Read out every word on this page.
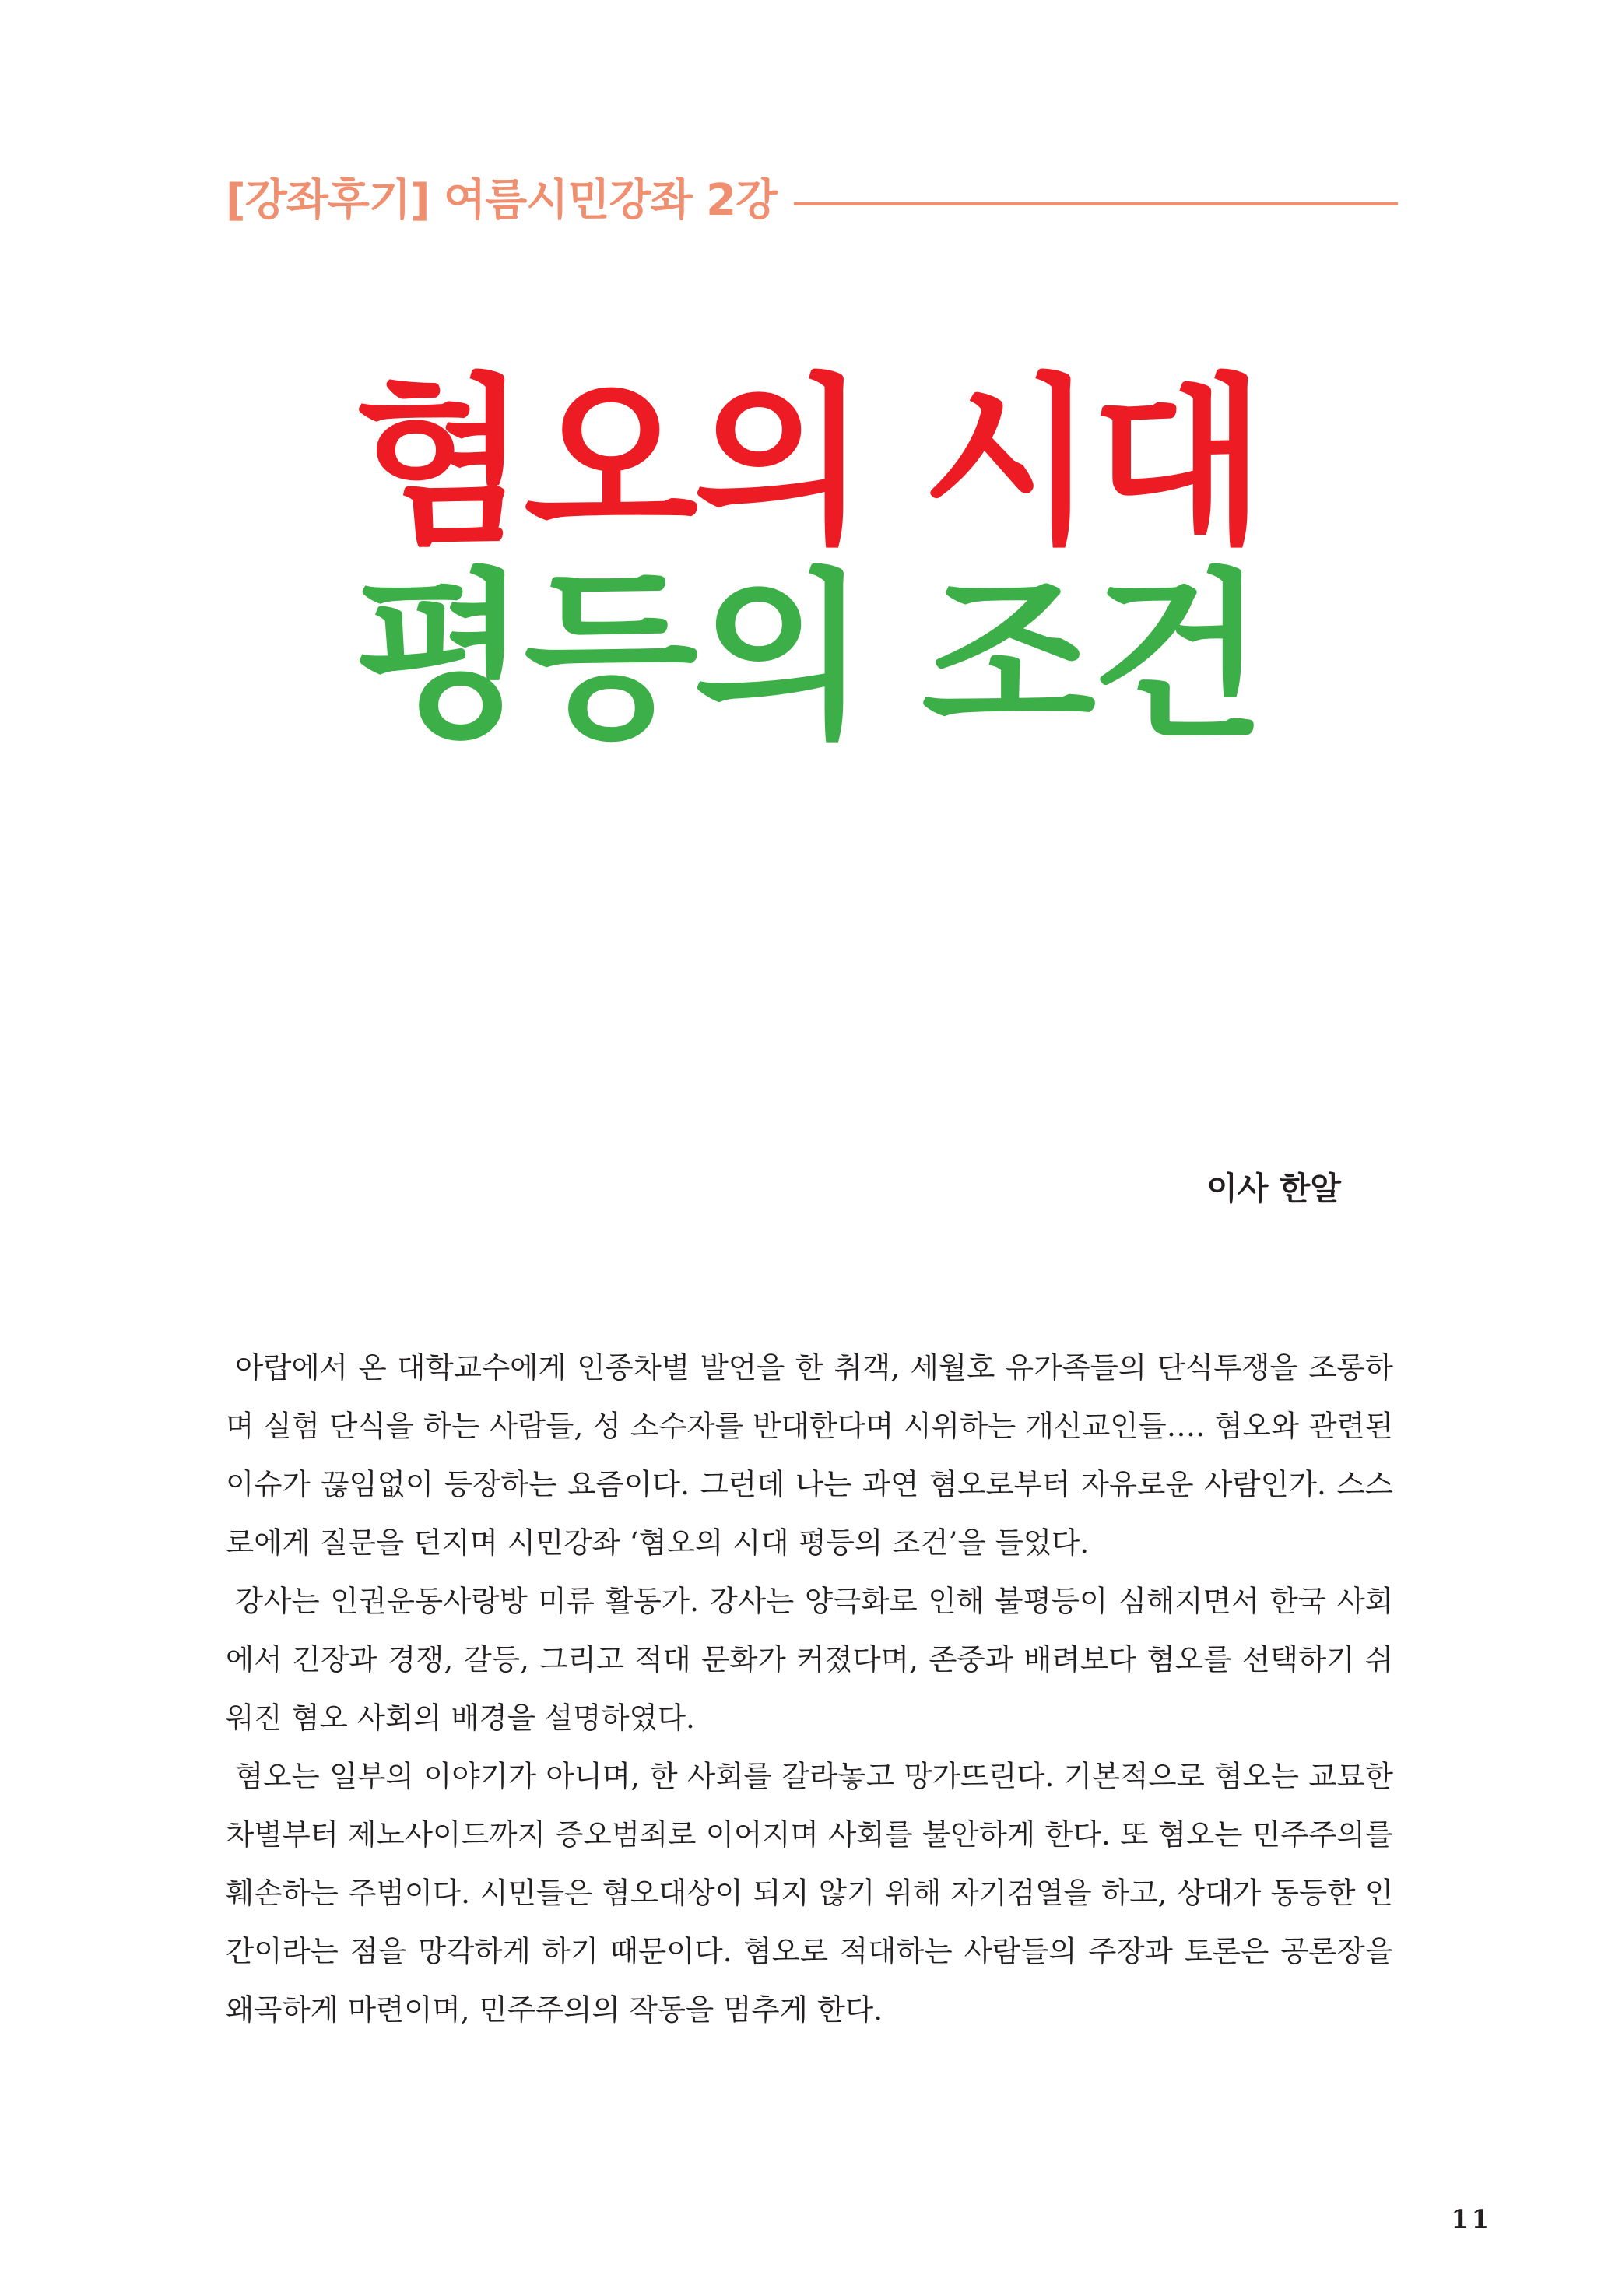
[강좌후기] 여름시민강좌 2강
혐오의 시대
평등의 조건
이사 한알

아랍에서 온 대학교수에게 인종차별 발언을 한 취객, 세월호 유가족들의 단식투쟁을 조롱하며 실험 단식을 하는 사람들, 성 소수자를 반대한다며 시위하는 개신교인들…. 혐오와 관련된 이슈가 끊임없이 등장하는 요즘이다. 그런데 나는 과연 혐오로부터 자유로운 사람인가. 스스로에게 질문을 던지며 시민강좌 ‘혐오의 시대 평등의 조건’을 들었다.

강사는 인권운동사랑방 미류 활동가. 강사는 양극화로 인해 불평등이 심해지면서 한국 사회에서 긴장과 경쟁, 갈등, 그리고 적대 문화가 커졌다며, 존중과 배려보다 혐오를 선택하기 쉬워진 혐오 사회의 배경을 설명하였다.

혐오는 일부의 이야기가 아니며, 한 사회를 갈라놓고 망가뜨린다. 기본적으로 혐오는 교묘한 차별부터 제노사이드까지 증오범죄로 이어지며 사회를 불안하게 한다. 또 혐오는 민주주의를 훼손하는 주범이다. 시민들은 혐오대상이 되지 않기 위해 자기검열을 하고, 상대가 동등한 인간이라는 점을 망각하게 하기 때문이다. 혐오로 적대하는 사람들의 주장과 토론은 공론장을 왜곡하게 마련이며, 민주주의의 작동을 멈추게 한다.

11
